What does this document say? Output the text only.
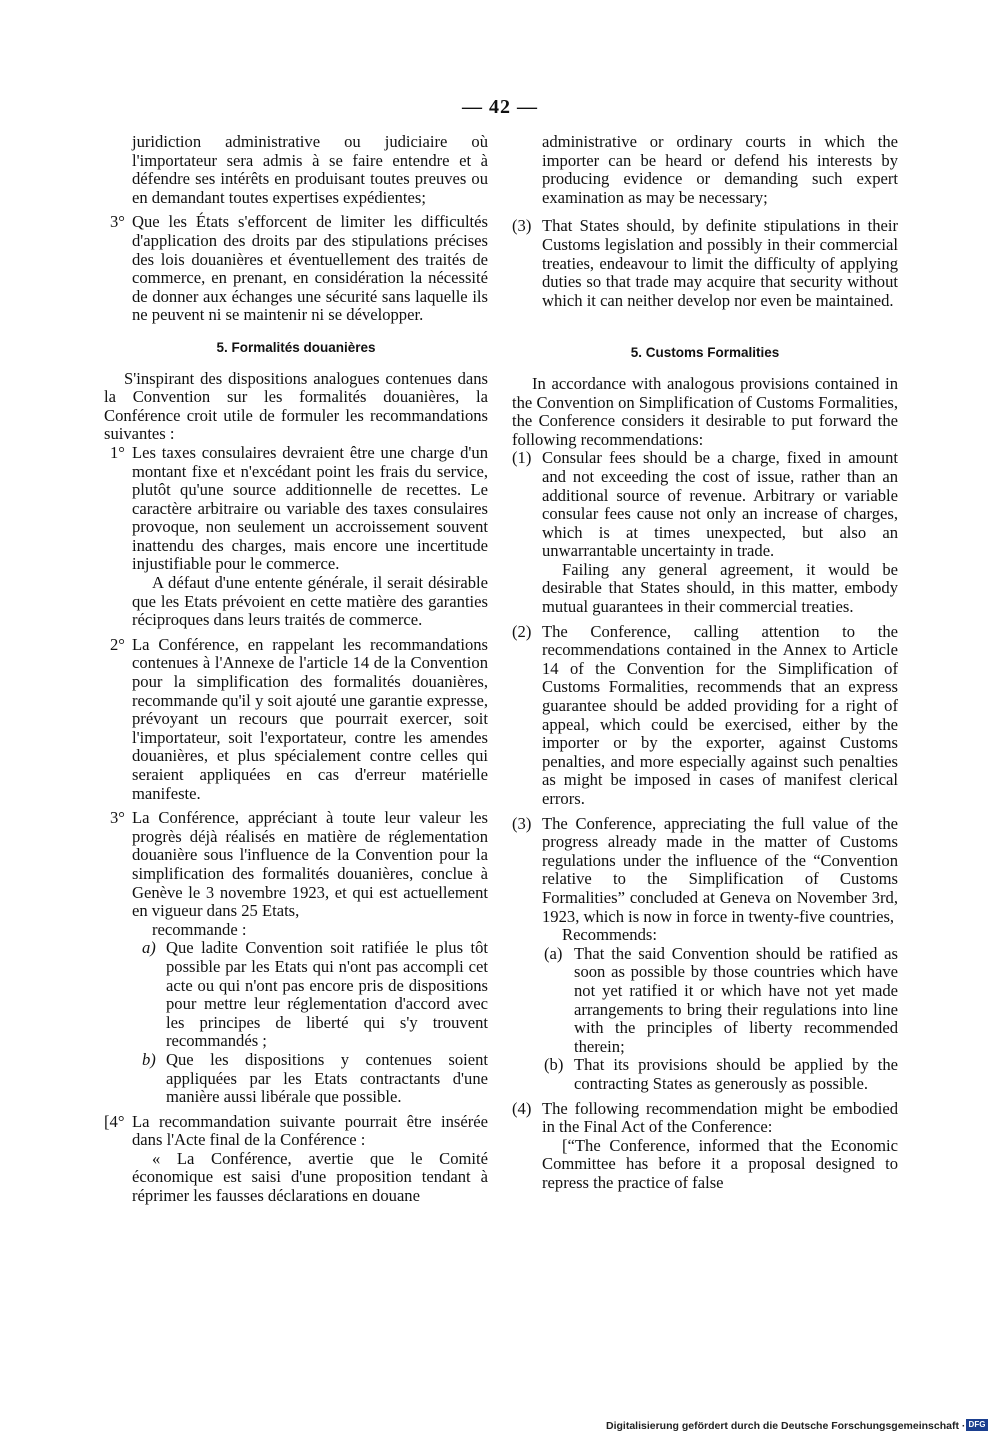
— 42 —
juridiction administrative ou judiciaire où l'importateur sera admis à se faire entendre et à défendre ses intérêts en produisant toutes preuves ou en demandant toutes expertises expédientes;
3° Que les États s'efforcent de limiter les difficultés d'application des droits par des stipulations précises des lois douanières et éventuellement des traités de commerce, en prenant, en considération la nécessité de donner aux échanges une sécurité sans laquelle ils ne peuvent ni se maintenir ni se développer.
5. Formalités douanières
S'inspirant des dispositions analogues contenues dans la Convention sur les formalités douanières, la Conférence croit utile de formuler les recommandations suivantes :
1° Les taxes consulaires devraient être une charge d'un montant fixe et n'excédant point les frais du service, plutôt qu'une source additionnelle de recettes. Le caractère arbitraire ou variable des taxes consulaires provoque, non seulement un accroissement souvent inattendu des charges, mais encore une incertitude injustifiable pour le commerce.
A défaut d'une entente générale, il serait désirable que les Etats prévoient en cette matière des garanties réciproques dans leurs traités de commerce.
2° La Conférence, en rappelant les recommandations contenues à l'Annexe de l'article 14 de la Convention pour la simplification des formalités douanières, recommande qu'il y soit ajouté une garantie expresse, prévoyant un recours que pourrait exercer, soit l'importateur, soit l'exportateur, contre les amendes douanières, et plus spécialement contre celles qui seraient appliquées en cas d'erreur matérielle manifeste.
3° La Conférence, appréciant à toute leur valeur les progrès déjà réalisés en matière de réglementation douanière sous l'influence de la Convention pour la simplification des formalités douanières, conclue à Genève le 3 novembre 1923, et qui est actuellement en vigueur dans 25 Etats,
recommande :
a) Que ladite Convention soit ratifiée le plus tôt possible par les Etats qui n'ont pas accompli cet acte ou qui n'ont pas encore pris de dispositions pour mettre leur réglementation d'accord avec les principes de liberté qui s'y trouvent recommandés ;
b) Que les dispositions y contenues soient appliquées par les Etats contractants d'une manière aussi libérale que possible.
[4° La recommandation suivante pourrait être insérée dans l'Acte final de la Conférence :
« La Conférence, avertie que le Comité économique est saisi d'une proposition tendant à réprimer les fausses déclarations en douane
administrative or ordinary courts in which the importer can be heard or defend his interests by producing evidence or demanding such expert examination as may be necessary;
(3) That States should, by definite stipulations in their Customs legislation and possibly in their commercial treaties, endeavour to limit the difficulty of applying duties so that trade may acquire that security without which it can neither develop nor even be maintained.
5. Customs Formalities
In accordance with analogous provisions contained in the Convention on Simplification of Customs Formalities, the Conference considers it desirable to put forward the following recommendations:
(1) Consular fees should be a charge, fixed in amount and not exceeding the cost of issue, rather than an additional source of revenue. Arbitrary or variable consular fees cause not only an increase of charges, which is at times unexpected, but also an unwarrantable uncertainty in trade.
Failing any general agreement, it would be desirable that States should, in this matter, embody mutual guarantees in their commercial treaties.
(2) The Conference, calling attention to the recommendations contained in the Annex to Article 14 of the Convention for the Simplification of Customs Formalities, recommends that an express guarantee should be added providing for a right of appeal, which could be exercised, either by the importer or by the exporter, against Customs penalties, and more especially against such penalties as might be imposed in cases of manifest clerical errors.
(3) The Conference, appreciating the full value of the progress already made in the matter of Customs regulations under the influence of the “Convention relative to the Simplification of Customs Formalities” concluded at Geneva on November 3rd, 1923, which is now in force in twenty-five countries,
Recommends:
(a) That the said Convention should be ratified as soon as possible by those countries which have not yet ratified it or which have not yet made arrangements to bring their regulations into line with the principles of liberty recommended therein;
(b) That its provisions should be applied by the contracting States as generously as possible.
(4) The following recommendation might be embodied in the Final Act of the Conference:
[“The Conference, informed that the Economic Committee has before it a proposal designed to repress the practice of false
Digitalisierung gefördert durch die Deutsche Forschungsgemeinschaft · DFG
